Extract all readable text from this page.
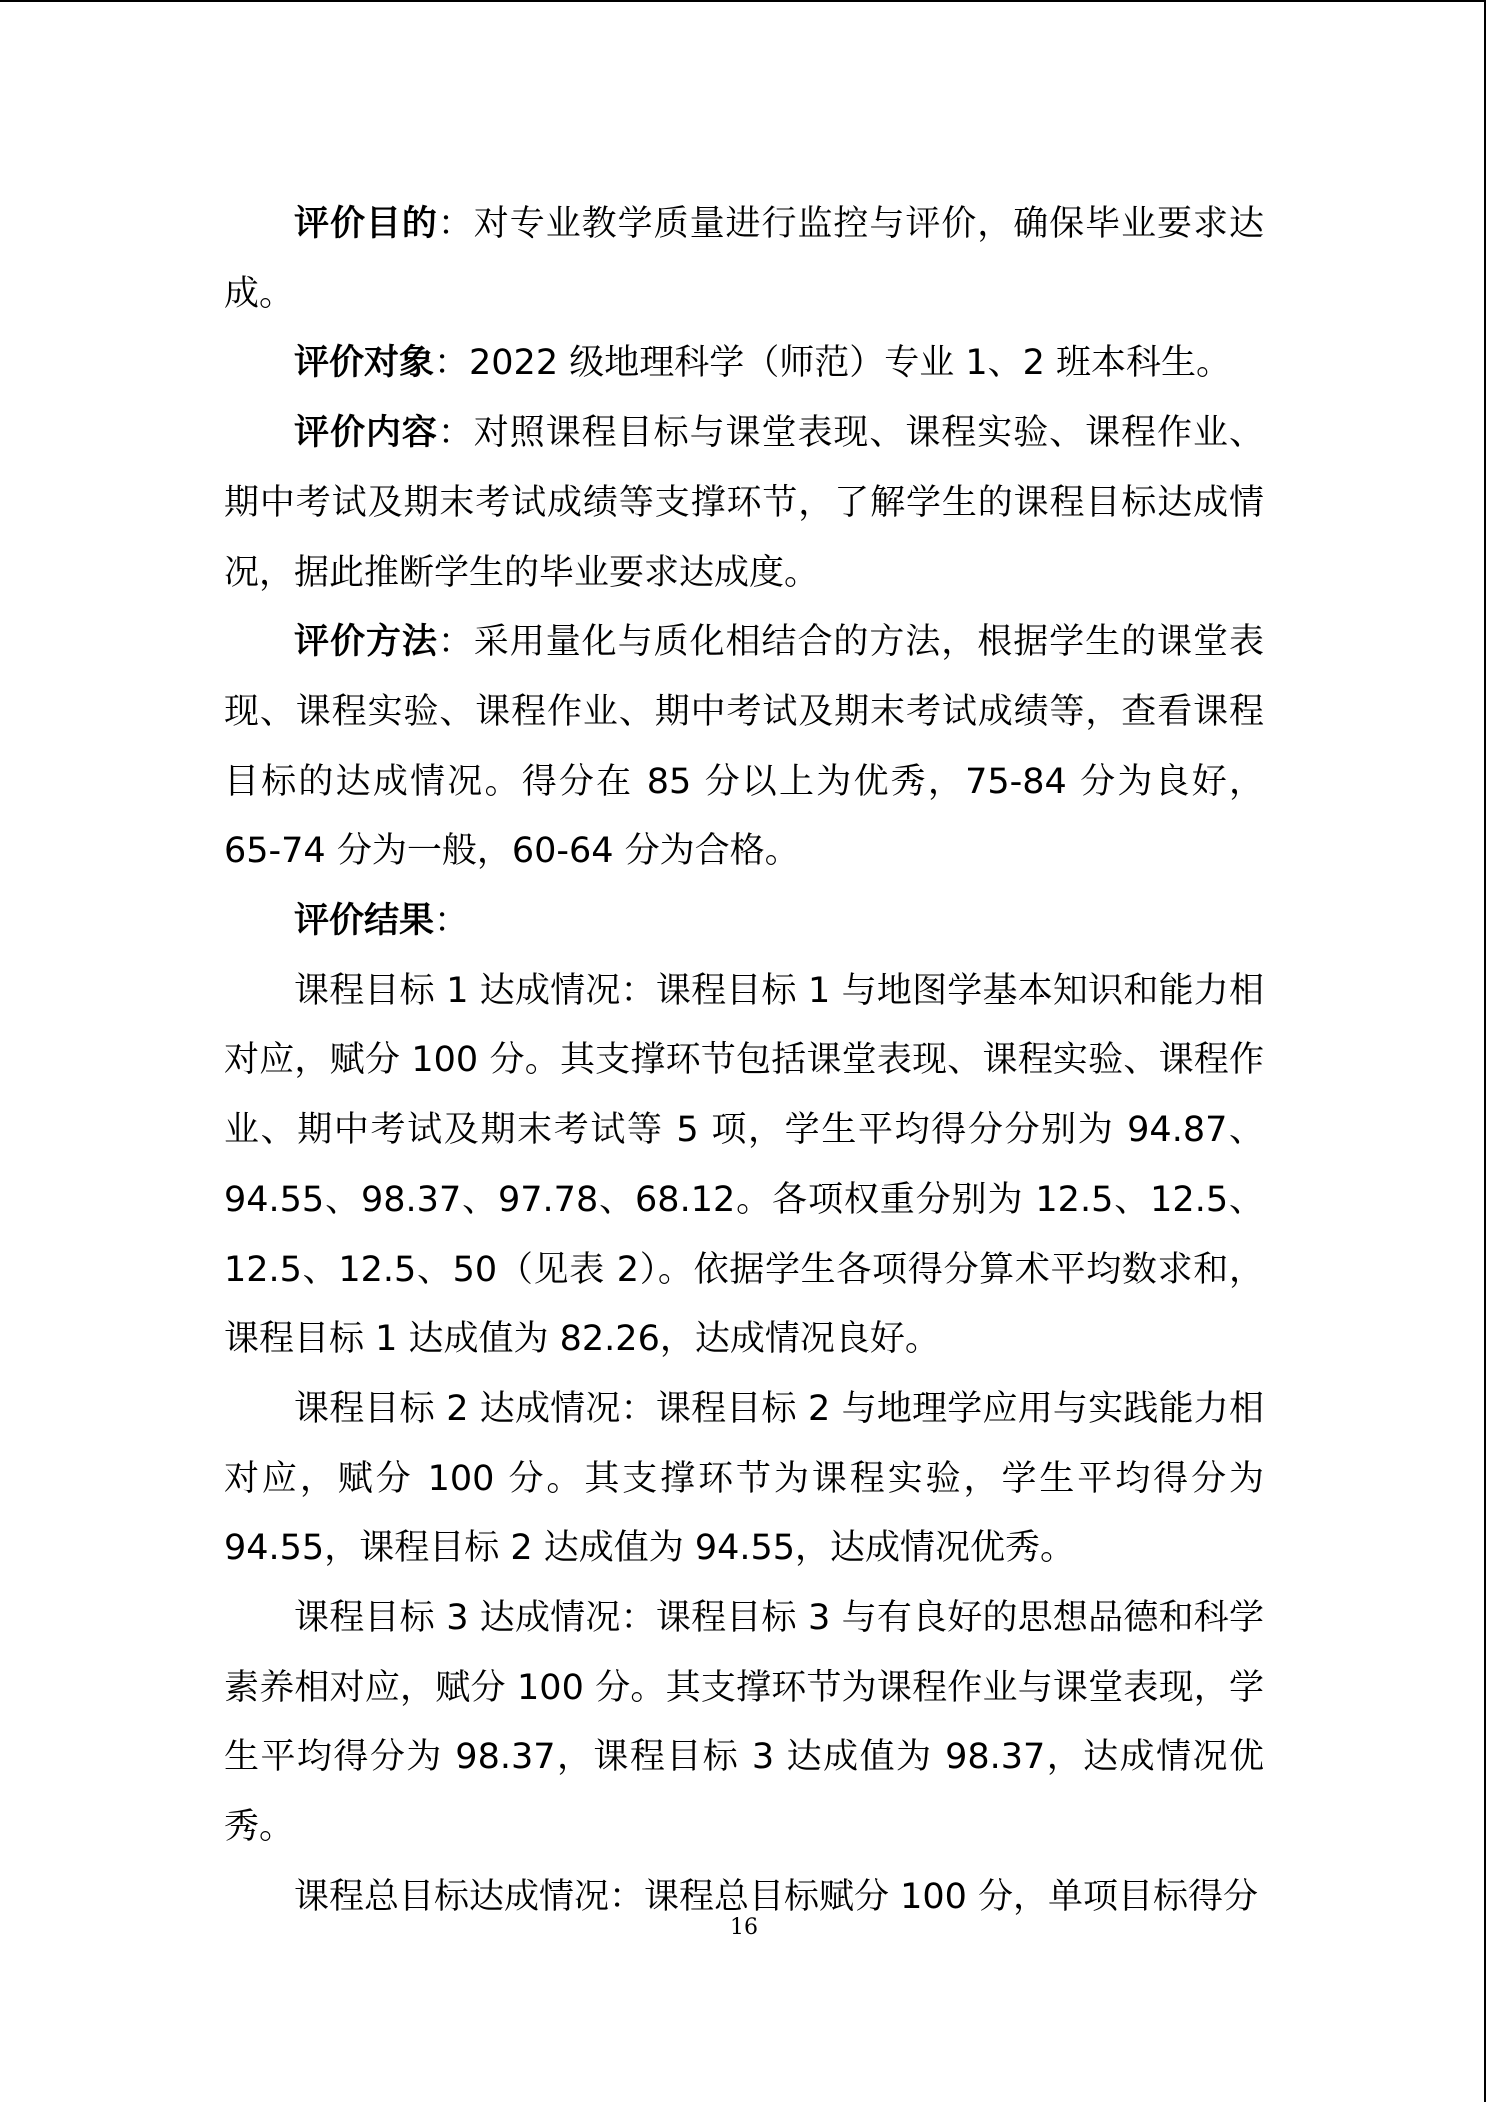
评价目的：对专业教学质量进行监控与评价，确保毕业要求达成。

评价对象：2022 级地理科学（师范）专业 1、2 班本科生。

评价内容：对照课程目标与课堂表现、课程实验、课程作业、期中考试及期末考试成绩等支撑环节，了解学生的课程目标达成情况，据此推断学生的毕业要求达成度。

评价方法：采用量化与质化相结合的方法，根据学生的课堂表现、课程实验、课程作业、期中考试及期末考试成绩等，查看课程目标的达成情况。得分在 85 分以上为优秀，75-84 分为良好，65-74 分为一般，60-64 分为合格。

评价结果：

课程目标 1 达成情况：课程目标 1 与地图学基本知识和能力相对应，赋分 100 分。其支撑环节包括课堂表现、课程实验、课程作业、期中考试及期末考试等 5 项，学生平均得分分别为 94.87、94.55、98.37、97.78、68.12。各项权重分别为 12.5、12.5、12.5、12.5、50（见表 2）。依据学生各项得分算术平均数求和，课程目标 1 达成值为 82.26，达成情况良好。

课程目标 2 达成情况：课程目标 2 与地理学应用与实践能力相对应，赋分 100 分。其支撑环节为课程实验，学生平均得分为 94.55，课程目标 2 达成值为 94.55，达成情况优秀。

课程目标 3 达成情况：课程目标 3 与有良好的思想品德和科学素养相对应，赋分 100 分。其支撑环节为课程作业与课堂表现，学生平均得分为 98.37，课程目标 3 达成值为 98.37，达成情况优秀。

课程总目标达成情况：课程总目标赋分 100 分，单项目标得分

16
